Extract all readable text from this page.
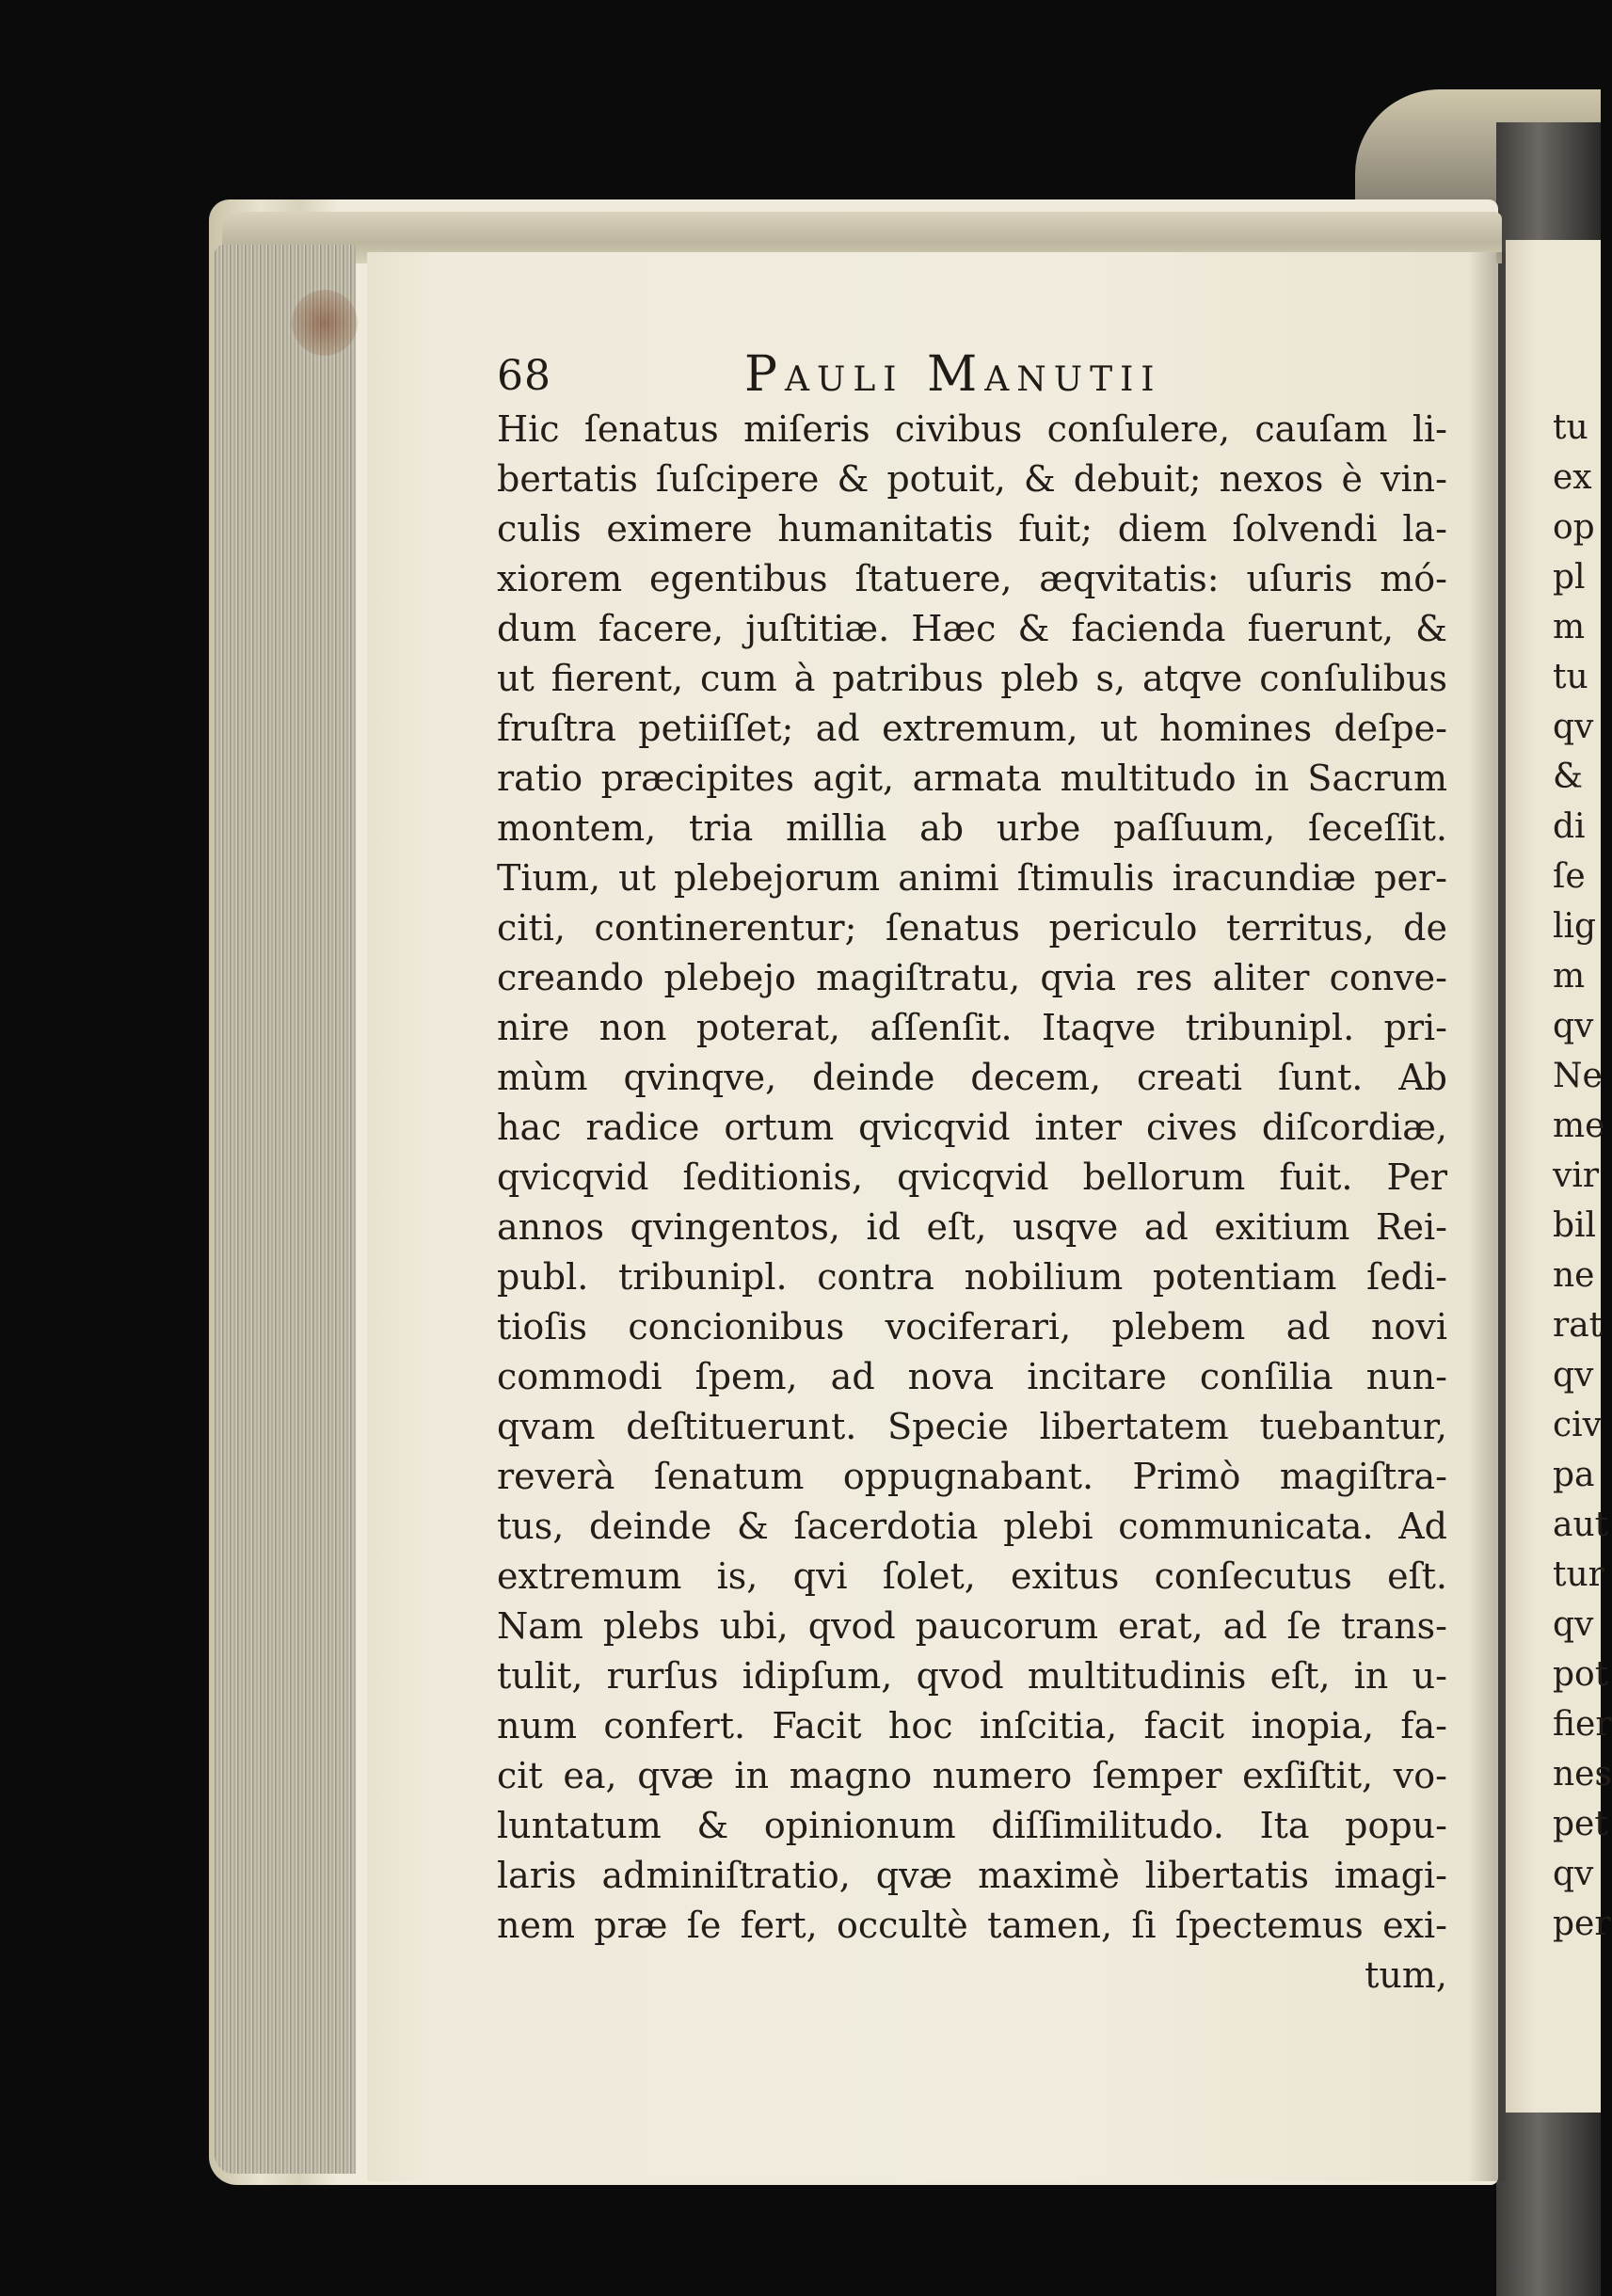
68	Pauli Manutii
Hic ſenatus miſeris civibus conſulere, cauſam li-
bertatis ſuſcipere & potuit, & debuit; nexos è vin-
culis eximere humanitatis fuit; diem ſolvendi la-
xiorem egentibus ſtatuere, æqvitatis: uſuris mó-
dum facere, juſtitiæ. Hæc & facienda fuerunt, &
ut fierent, cum à patribus pleb s, atqve conſulibus
fruſtra petiiſſet; ad extremum, ut homines deſpe-
ratio præcipites agit, armata multitudo in Sacrum
montem, tria millia ab urbe paſſuum, ſeceſſit.
Tium, ut plebejorum animi ſtimulis iracundiæ per-
citi, continerentur; ſenatus periculo territus, de
creando plebejo magiſtratu, qvia res aliter conve-
nire non poterat, aſſenſit. Itaqve tribunipl. pri-
mùm qvinqve, deinde decem, creati ſunt. Ab
hac radice ortum qvicqvid inter cives diſcordiæ,
qvicqvid ſeditionis, qvicqvid bellorum fuit. Per
annos qvingentos, id eſt, usqve ad exitium Rei-
publ. tribunipl. contra nobilium potentiam ſedi-
tioſis concionibus vociferari, plebem ad novi
commodi ſpem, ad nova incitare conſilia nun-
qvam deſtituerunt. Specie libertatem tuebantur,
reverà ſenatum oppugnabant. Primò magiſtra-
tus, deinde & ſacerdotia plebi communicata. Ad
extremum is, qvi ſolet, exitus conſecutus eſt.
Nam plebs ubi, qvod paucorum erat, ad ſe trans-
tulit, rurſus idipſum, qvod multitudinis eſt, in u-
num confert. Facit hoc inſcitia, facit inopia, fa-
cit ea, qvæ in magno numero ſemper exſiſtit, vo-
luntatum & opinionum diſſimilitudo. Ita popu-
laris adminiſtratio, qvæ maximè libertatis imagi-
nem præ ſe fert, occultè tamen, ſi ſpectemus exi-
tum,
tu
ex
op
pl
m
tu
qv
&
di
ſe
lig
m
qv
Ne
me
vir
bil
ne
rat
qv
civ
pa
aut
tur
qv
pot
fier
nes
pet
qv
per
